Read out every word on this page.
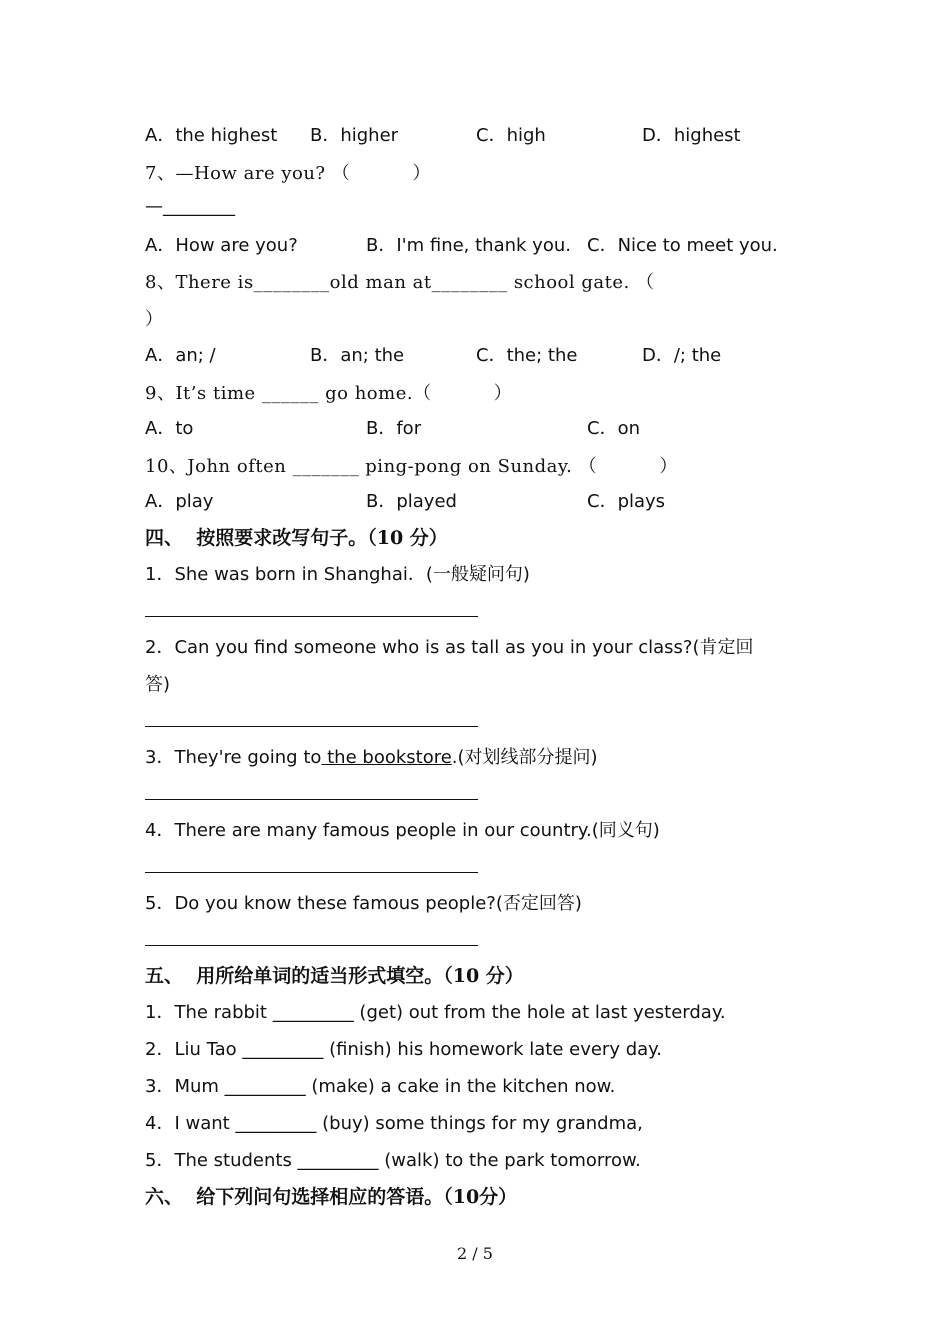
A．the highest B．higher	C．high	D．highest
7、—How are you? （          ）
—________
A．How are you?	B．I'm fine, thank you. C．Nice to meet you.
8、There is________old man at________ school gate. （
）
A．an; /	B．an; the	C．the; the	D．/; the
9、It’s time ______ go home.（          ）
A．to	B．for	C．on
10、John often _______ ping-pong on Sunday. （          ）
A．play	B．played	C．plays
四、  按照要求改写句子。（10 分）
1．She was born in Shanghai．(一般疑问句)
2．Can you find someone who is as tall as you in your class?(肯定回
答)
3．They're going to the bookstore.(对划线部分提问)
4．There are many famous people in our country.(同义句)
5．Do you know these famous people?(否定回答)
五、  用所给单词的适当形式填空。（10 分）
1．The rabbit _________ (get) out from the hole at last yesterday.
2．Liu Tao _________ (finish) his homework late every day.
3．Mum _________ (make) a cake in the kitchen now.
4．I want _________ (buy) some things for my grandma,
5．The students _________ (walk) to the park tomorrow.
六、  给下列问句选择相应的答语。（10分）
2 / 5
